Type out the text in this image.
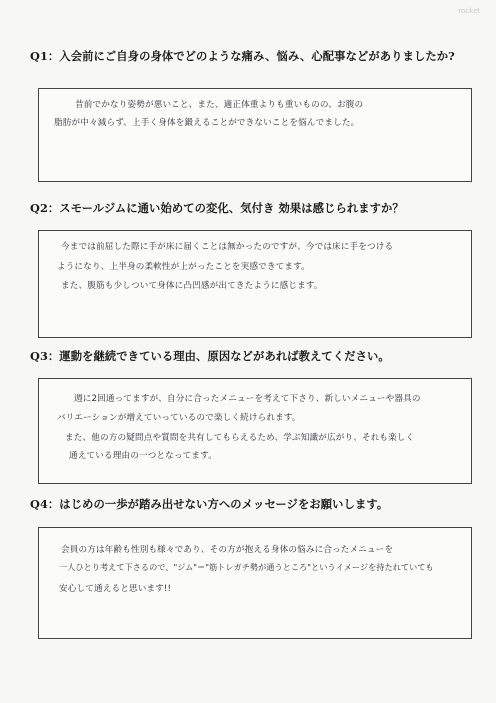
rocket
Q1：入会前にご自身の身体でどのような痛み、悩み、心配事などがありましたか?
昔前でかなり姿勢が悪いこと、また、適正体重よりも重いものの、お腹の
脂肪が中々減らず、上手く身体を鍛えることができないことを悩んでました。
Q2：スモールジムに通い始めての変化、気付き 効果は感じられますか？
今までは前屈した際に手が床に届くことは無かったのですが、今では床に手をつける
ようになり、上半身の柔軟性が上がったことを実感できてます。
また、腹筋も少しついて身体に凸凹感が出てきたように感じます。
Q3：運動を継続できている理由、原因などがあれば教えてください。
週に2回通ってますが、自分に合ったメニューを考えて下さり、新しいメニューや器具の
バリエーションが増えていっているので楽しく続けられます。
また、他の方の疑問点や質問を共有してもらえるため、学ぶ知識が広がり、それも楽しく
通えている理由の一つとなってます。
Q4：はじめの一歩が踏み出せない方へのメッセージをお願いします。
会員の方は年齢も性別も様々であり、その方が抱える身体の悩みに合ったメニューを
一人ひとり考えて下さるので、"ジム"＝"筋トレガチ勢が通うところ"というイメージを持たれていても
安心して通えると思います!!
